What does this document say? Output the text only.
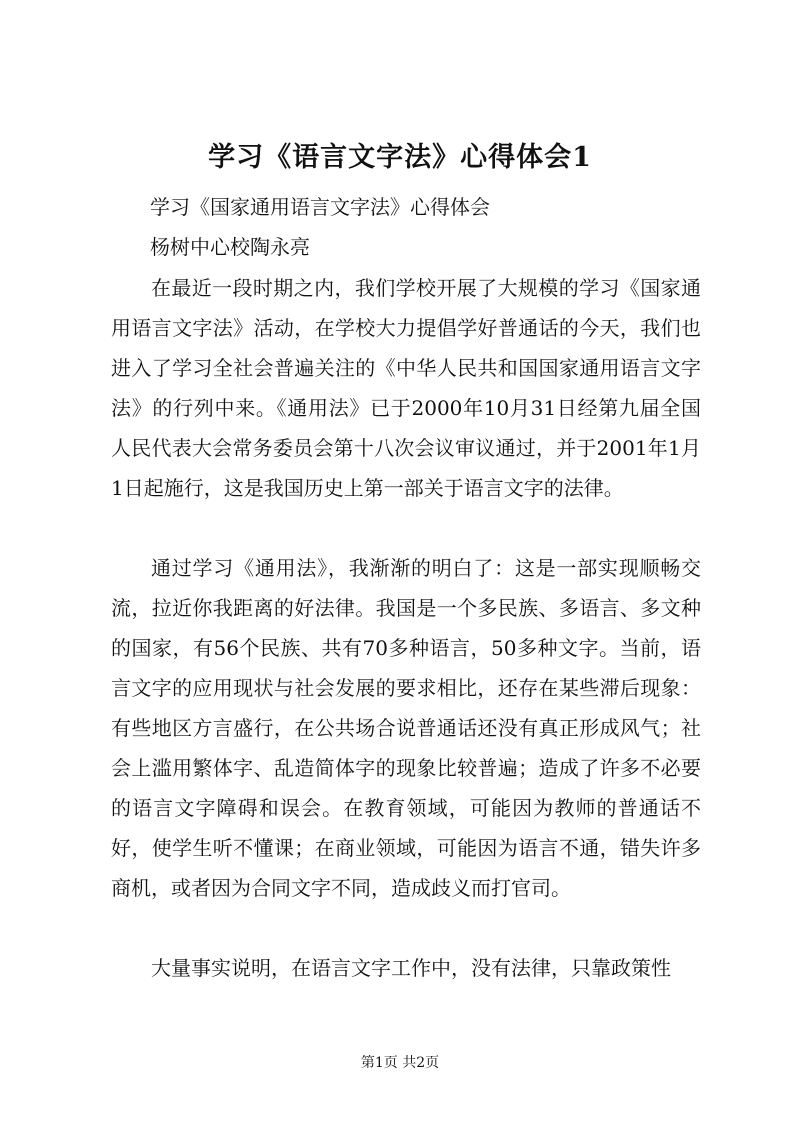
学习《语言文字法》心得体会1
学习《国家通用语言文字法》心得体会
杨树中心校陶永亮

在最近一段时期之内，我们学校开展了大规模的学习《国家通用语言文字法》活动，在学校大力提倡学好普通话的今天，我们也进入了学习全社会普遍关注的《中华人民共和国国家通用语言文字法》的行列中来。《通用法》已于2000年10月31日经第九届全国人民代表大会常务委员会第十八次会议审议通过，并于2001年1月1日起施行，这是我国历史上第一部关于语言文字的法律。

通过学习《通用法》，我渐渐的明白了：这是一部实现顺畅交流，拉近你我距离的好法律。我国是一个多民族、多语言、多文种的国家，有56个民族、共有70多种语言，50多种文字。当前，语言文字的应用现状与社会发展的要求相比，还存在某些滞后现象：有些地区方言盛行，在公共场合说普通话还没有真正形成风气；社会上滥用繁体字、乱造简体字的现象比较普遍；造成了许多不必要的语言文字障碍和误会。在教育领域，可能因为教师的普通话不好，使学生听不懂课；在商业领域，可能因为语言不通，错失许多商机，或者因为合同文字不同，造成歧义而打官司。

大量事实说明，在语言文字工作中，没有法律，只靠政策性

第1页 共2页
